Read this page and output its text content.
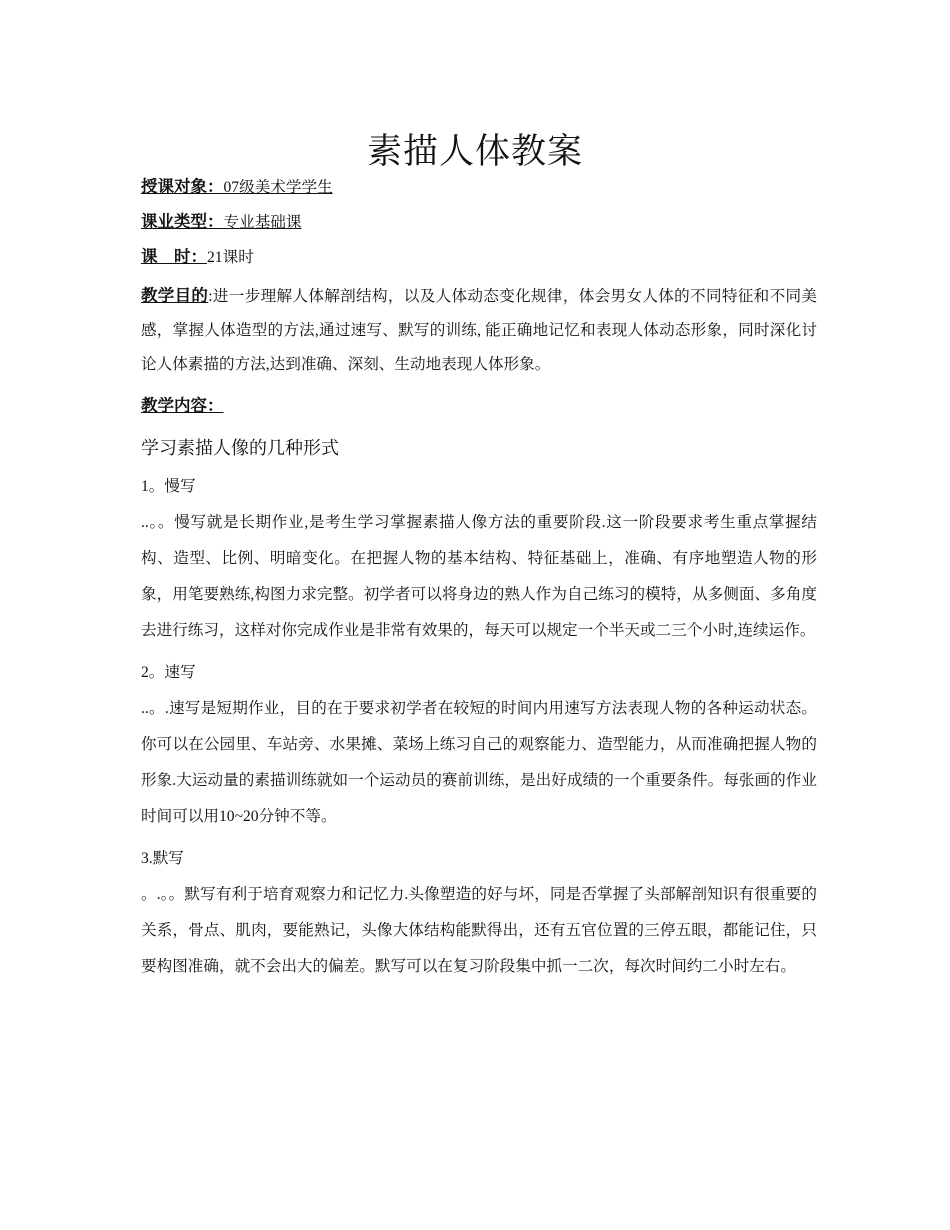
素描人体教案
授课对象：07级美术学学生
课业类型：专业基础课
课　时：21课时

教学目的:进一步理解人体解剖结构，以及人体动态变化规律，体会男女人体的不同特征和不同美感，掌握人体造型的方法,通过速写、默写的训练, 能正确地记忆和表现人体动态形象，同时深化讨论人体素描的方法,达到准确、深刻、生动地表现人体形象。

教学内容：
学习素描人像的几种形式
1。慢写
..。。慢写就是长期作业,是考生学习掌握素描人像方法的重要阶段.这一阶段要求考生重点掌握结构、造型、比例、明暗变化。在把握人物的基本结构、特征基础上，准确、有序地塑造人物的形象，用笔要熟练,构图力求完整。初学者可以将身边的熟人作为自己练习的模特，从多侧面、多角度去进行练习，这样对你完成作业是非常有效果的，每天可以规定一个半天或二三个小时,连续运作。
2。速写
..。.速写是短期作业，目的在于要求初学者在较短的时间内用速写方法表现人物的各种运动状态。你可以在公园里、车站旁、水果摊、菜场上练习自己的观察能力、造型能力，从而准确把握人物的形象.大运动量的素描训练就如一个运动员的赛前训练，是出好成绩的一个重要条件。每张画的作业时间可以用10~20分钟不等。
3.默写
。.。。默写有利于培育观察力和记忆力.头像塑造的好与坏，同是否掌握了头部解剖知识有很重要的关系，骨点、肌肉，要能熟记，头像大体结构能默得出，还有五官位置的三停五眼，都能记住，只要构图准确，就不会出大的偏差。默写可以在复习阶段集中抓一二次，每次时间约二小时左右。
